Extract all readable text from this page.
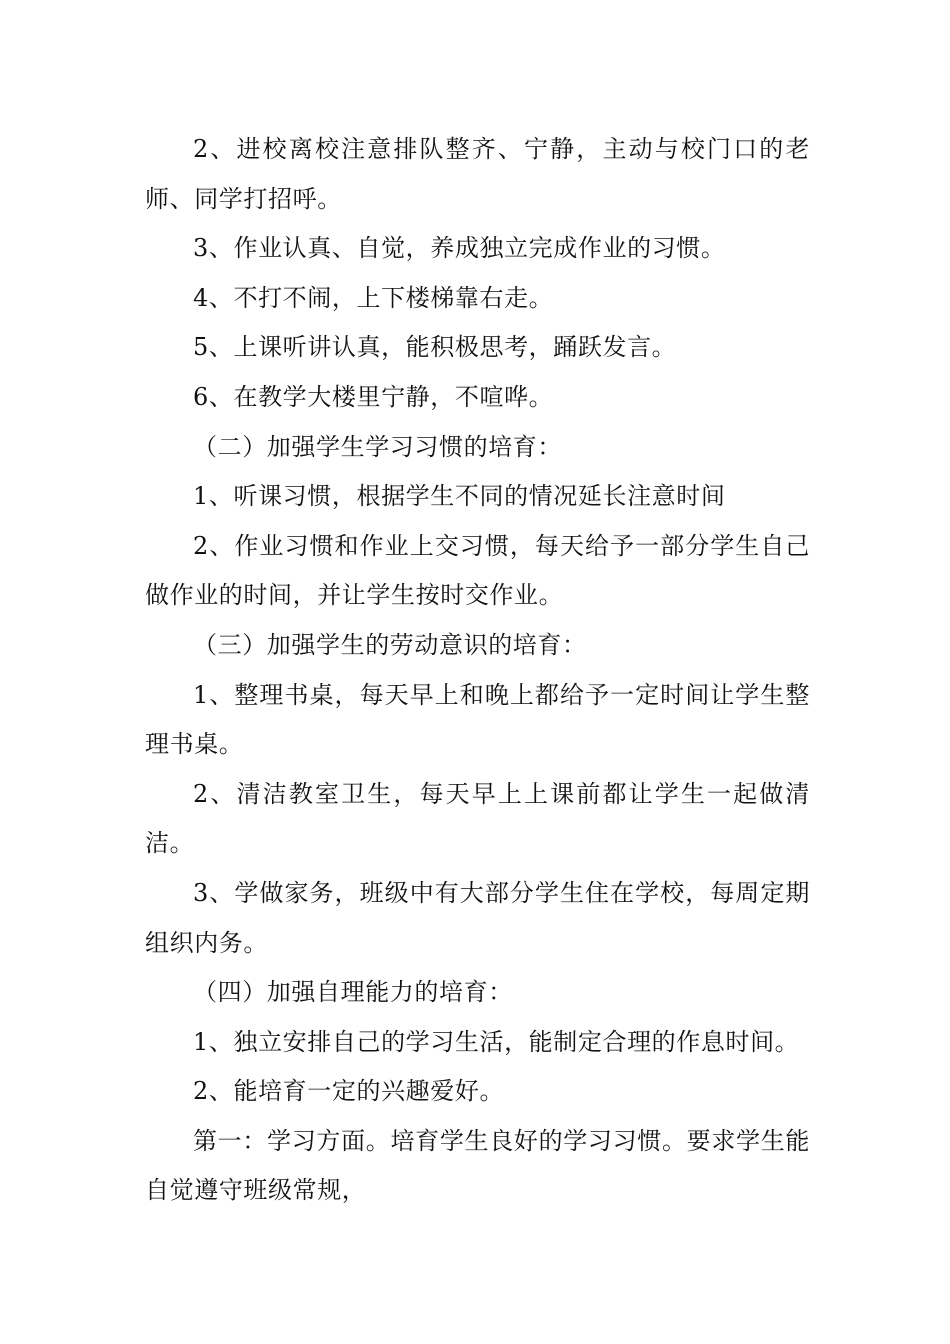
2、进校离校注意排队整齐、宁静，主动与校门口的老师、同学打招呼。

3、作业认真、自觉，养成独立完成作业的习惯。

4、不打不闹，上下楼梯靠右走。

5、上课听讲认真，能积极思考，踊跃发言。

6、在教学大楼里宁静，不喧哗。

（二）加强学生学习习惯的培育：

1、听课习惯，根据学生不同的情况延长注意时间

2、作业习惯和作业上交习惯，每天给予一部分学生自己做作业的时间，并让学生按时交作业。

（三）加强学生的劳动意识的培育：

1、整理书桌，每天早上和晚上都给予一定时间让学生整理书桌。

2、清洁教室卫生，每天早上上课前都让学生一起做清洁。

3、学做家务，班级中有大部分学生住在学校，每周定期组织内务。

（四）加强自理能力的培育：

1、独立安排自己的学习生活，能制定合理的作息时间。

2、能培育一定的兴趣爱好。

第一：学习方面。培育学生良好的学习习惯。要求学生能自觉遵守班级常规，
